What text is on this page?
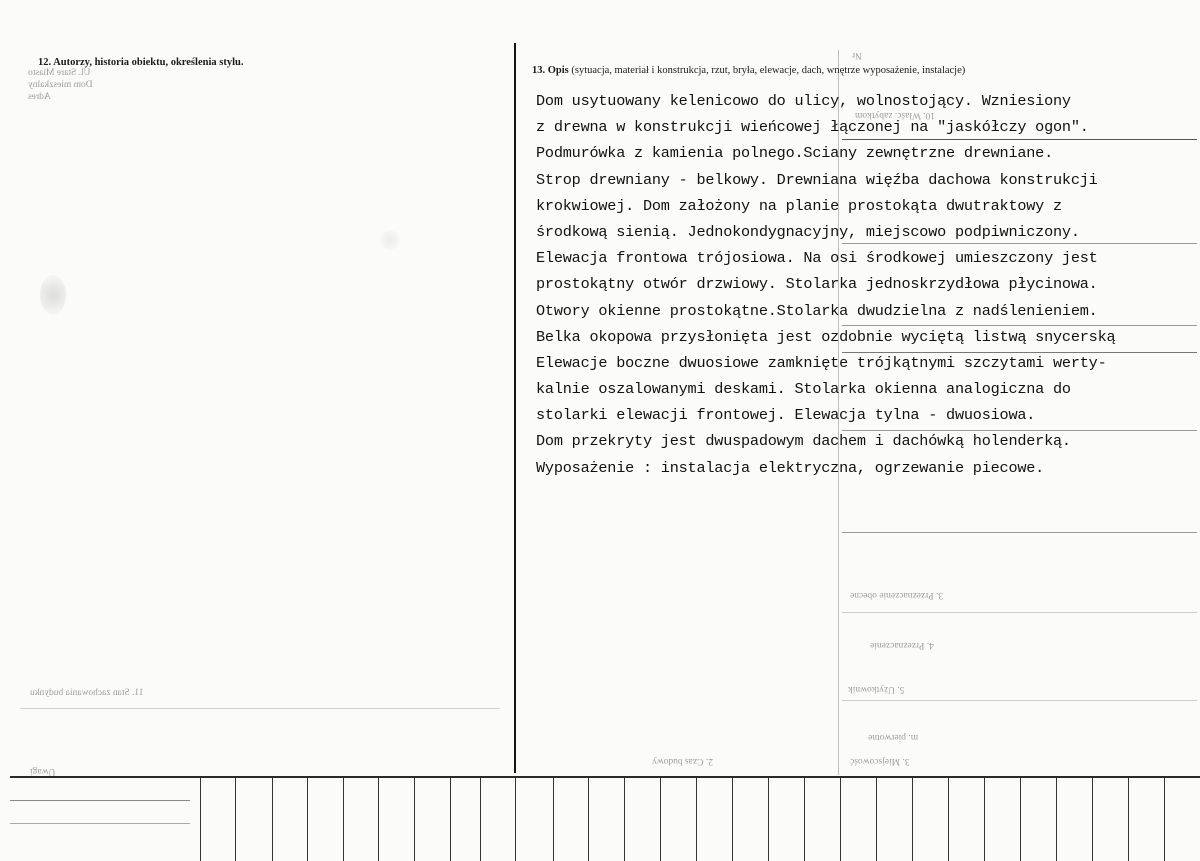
12. Autorzy, historia obiektu, określenia stylu.
13. Opis (sytuacja, materiał i konstrukcja, rzut, bryła, elewacje, dach, wnętrze wyposażenie, instalacje)
Dom usytuowany kelenicowo do ulicy, wolnostojący. Wzniesiony
z drewna w konstrukcji wieńcowej łączonej na "jaskółczy ogon".
Podmurówka z kamienia polnego.Sciany zewnętrzne drewniane.
Strop drewniany - belkowy. Drewniana więźba dachowa konstrukcji
krokwiowej. Dom założony na planie prostokąta dwutraktowy z
środkową sienią. Jednokondygnacyjny, miejscowo podpiwniczony.
Elewacja frontowa trójosiowa. Na osi środkowej umieszczony jest
prostokątny otwór drzwiowy. Stolarka jednoskrzydłowa płycinowa.
Otwory okienne prostokątne.Stolarka dwudzielna z nadślenieniem.
Belka okopowa przysłonięta jest ozdobnie wyciętą listwą snycerską
Elewacje boczne dwuosiowe zamknięte trójkątnymi szczytami werty-
kalnie oszalowanymi deskami. Stolarka okienna analogiczna do
stolarki elewacji frontowej. Elewacja tylna - dwuosiowa.
Dom przekryty jest dwuspadowym dachem i dachówką holenderką.
Wyposażenie : instalacja elektryczna, ogrzewanie piecowe.
Nr
10. Właśc. zabytkom
3. Przeznaczenie obecne
4. Przeznaczenie
5. Użytkownik
m. pierwotne
3. Miejscowość
2. Czas budowy
Ul. Stare Miasto
Dom mieszkalny
Adres
11. Stan zachowania budynku
Uwagi
